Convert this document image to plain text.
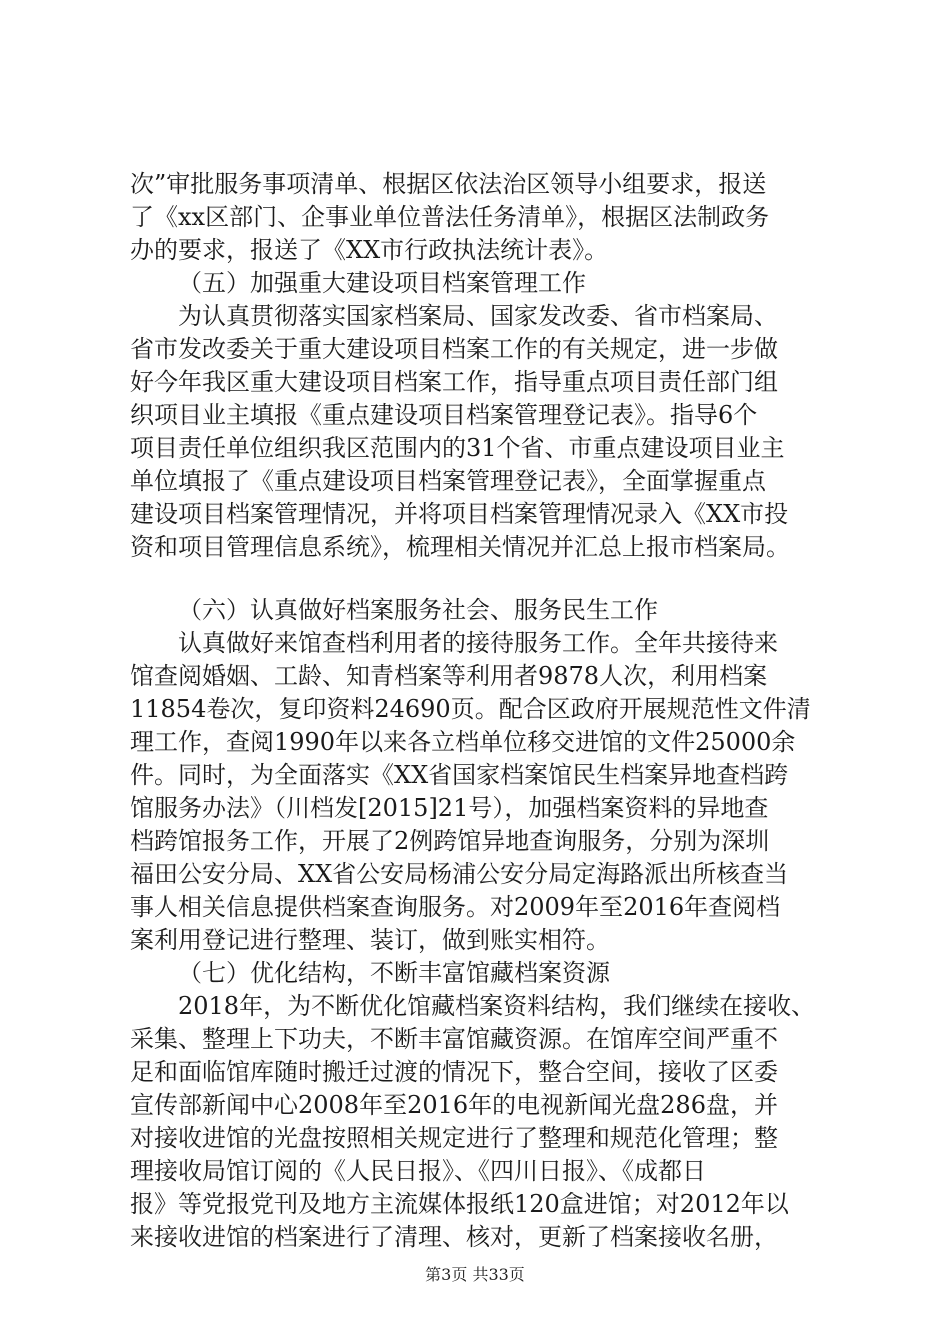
次”审批服务事项清单、根据区依法治区领导小组要求，报送
了《xx区部门、企事业单位普法任务清单》，根据区法制政务
办的要求，报送了《XX市行政执法统计表》。
（五）加强重大建设项目档案管理工作
为认真贯彻落实国家档案局、国家发改委、省市档案局、
省市发改委关于重大建设项目档案工作的有关规定，进一步做
好今年我区重大建设项目档案工作，指导重点项目责任部门组
织项目业主填报《重点建设项目档案管理登记表》。指导6个
项目责任单位组织我区范围内的31个省、市重点建设项目业主
单位填报了《重点建设项目档案管理登记表》，全面掌握重点
建设项目档案管理情况，并将项目档案管理情况录入《XX市投
资和项目管理信息系统》，梳理相关情况并汇总上报市档案局。
（六）认真做好档案服务社会、服务民生工作
认真做好来馆查档利用者的接待服务工作。全年共接待来
馆查阅婚姻、工龄、知青档案等利用者9878人次，利用档案
11854卷次，复印资料24690页。配合区政府开展规范性文件清
理工作，查阅1990年以来各立档单位移交进馆的文件25000余
件。同时，为全面落实《XX省国家档案馆民生档案异地查档跨
馆服务办法》（川档发[2015]21号），加强档案资料的异地查
档跨馆报务工作，开展了2例跨馆异地查询服务，分别为深圳
福田公安分局、XX省公安局杨浦公安分局定海路派出所核查当
事人相关信息提供档案查询服务。对2009年至2016年查阅档
案利用登记进行整理、装订，做到账实相符。
（七）优化结构，不断丰富馆藏档案资源
2018年，为不断优化馆藏档案资料结构，我们继续在接收、
采集、整理上下功夫，不断丰富馆藏资源。在馆库空间严重不
足和面临馆库随时搬迁过渡的情况下，整合空间，接收了区委
宣传部新闻中心2008年至2016年的电视新闻光盘286盘，并
对接收进馆的光盘按照相关规定进行了整理和规范化管理；整
理接收局馆订阅的《人民日报》、《四川日报》、《成都日
报》等党报党刊及地方主流媒体报纸120盒进馆；对2012年以
来接收进馆的档案进行了清理、核对，更新了档案接收名册，
第3页 共33页
